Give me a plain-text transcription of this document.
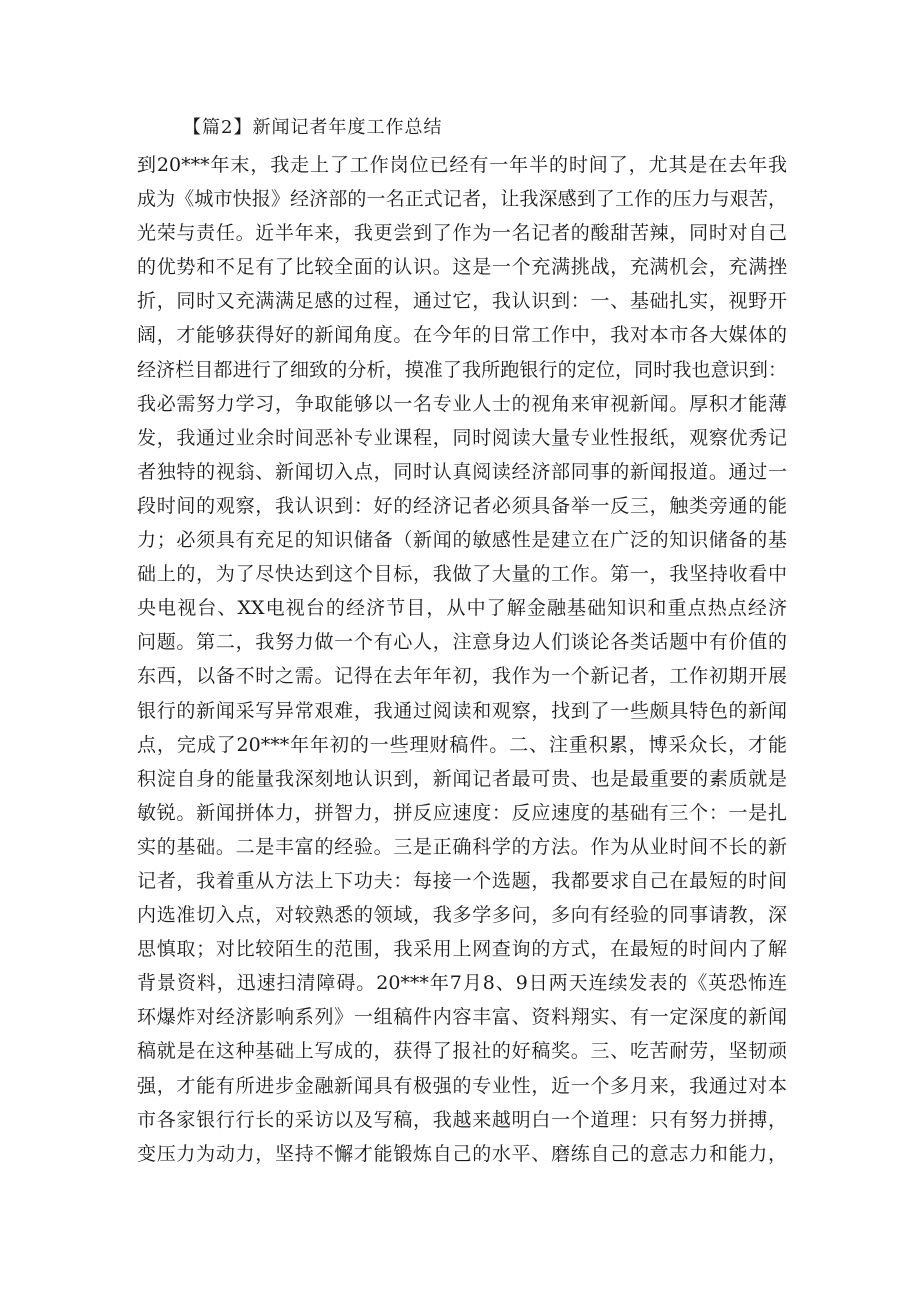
【篇2】新闻记者年度工作总结
到20***年末，我走上了工作岗位已经有一年半的时间了，尤其是在去年我
成为《城市快报》经济部的一名正式记者，让我深感到了工作的压力与艰苦，
光荣与责任。近半年来，我更尝到了作为一名记者的酸甜苦辣，同时对自己
的优势和不足有了比较全面的认识。这是一个充满挑战，充满机会，充满挫
折，同时又充满满足感的过程，通过它，我认识到：一、基础扎实，视野开
阔，才能够获得好的新闻角度。在今年的日常工作中，我对本市各大媒体的
经济栏目都进行了细致的分析，摸准了我所跑银行的定位，同时我也意识到：
我必需努力学习，争取能够以一名专业人士的视角来审视新闻。厚积才能薄
发，我通过业余时间恶补专业课程，同时阅读大量专业性报纸，观察优秀记
者独特的视翁、新闻切入点，同时认真阅读经济部同事的新闻报道。通过一
段时间的观察，我认识到：好的经济记者必须具备举一反三，触类旁通的能
力；必须具有充足的知识储备（新闻的敏感性是建立在广泛的知识储备的基
础上的，为了尽快达到这个目标，我做了大量的工作。第一，我坚持收看中
央电视台、XX电视台的经济节目，从中了解金融基础知识和重点热点经济
问题。第二，我努力做一个有心人，注意身边人们谈论各类话题中有价值的
东西，以备不时之需。记得在去年年初，我作为一个新记者，工作初期开展
银行的新闻采写异常艰难，我通过阅读和观察，找到了一些颇具特色的新闻
点，完成了20***年年初的一些理财稿件。二、注重积累，博采众长，才能
积淀自身的能量我深刻地认识到，新闻记者最可贵、也是最重要的素质就是
敏锐。新闻拼体力，拼智力，拼反应速度：反应速度的基础有三个：一是扎
实的基础。二是丰富的经验。三是正确科学的方法。作为从业时间不长的新
记者，我着重从方法上下功夫：每接一个选题，我都要求自己在最短的时间
内选准切入点，对较熟悉的领域，我多学多问，多向有经验的同事请教，深
思慎取；对比较陌生的范围，我采用上网查询的方式，在最短的时间内了解
背景资料，迅速扫清障碍。20***年7月8、9日两天连续发表的《英恐怖连
环爆炸对经济影响系列》一组稿件内容丰富、资料翔实、有一定深度的新闻
稿就是在这种基础上写成的，获得了报社的好稿奖。三、吃苦耐劳，坚韧顽
强，才能有所进步金融新闻具有极强的专业性，近一个多月来，我通过对本
市各家银行行长的采访以及写稿，我越来越明白一个道理：只有努力拼搏，
变压力为动力，坚持不懈才能锻炼自己的水平、磨练自己的意志力和能力，
